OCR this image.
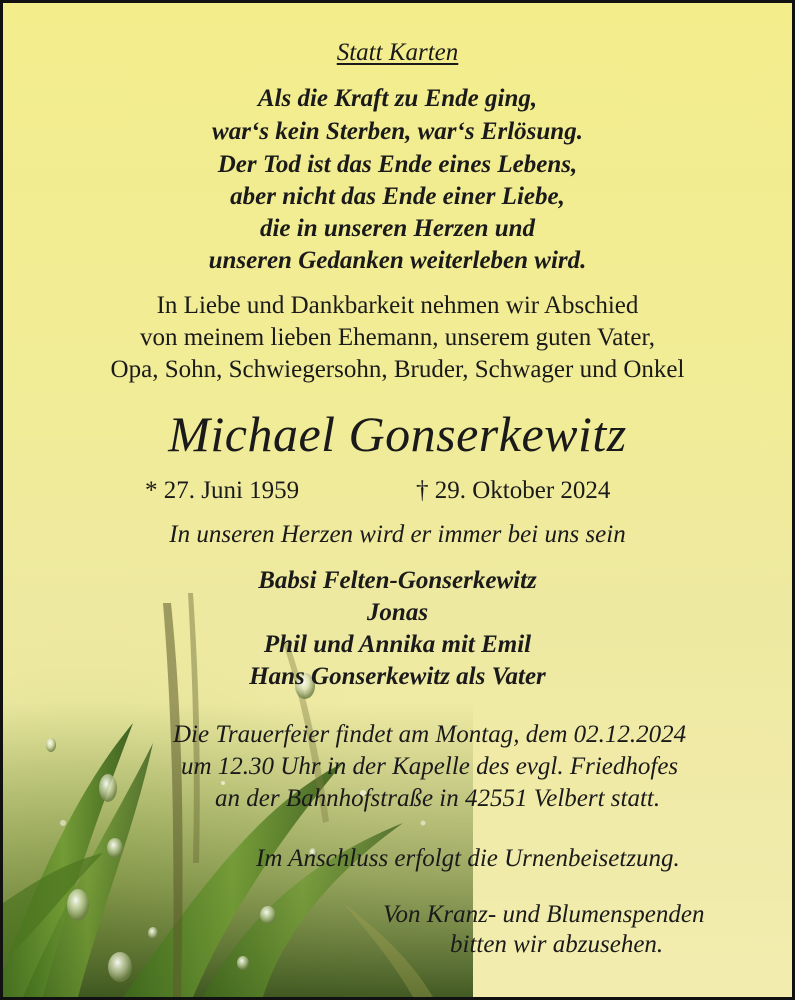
Statt Karten
Als die Kraft zu Ende ging,
war‘s kein Sterben, war‘s Erlösung.
Der Tod ist das Ende eines Lebens,
aber nicht das Ende einer Liebe,
die in unseren Herzen und
unseren Gedanken weiterleben wird.
In Liebe und Dankbarkeit nehmen wir Abschied
von meinem lieben Ehemann, unserem guten Vater,
Opa, Sohn, Schwiegersohn, Bruder, Schwager und Onkel
Michael Gonserkewitz
* 27. Juni 1959	† 29. Oktober 2024
In unseren Herzen wird er immer bei uns sein
Babsi Felten-Gonserkewitz
Jonas
Phil und Annika mit Emil
Hans Gonserkewitz als Vater
Die Trauerfeier findet am Montag, dem 02.12.2024
um 12.30 Uhr in der Kapelle des evgl. Friedhofes
an der Bahnhofstraße in 42551 Velbert statt.
Im Anschluss erfolgt die Urnenbeisetzung.
Von Kranz- und Blumenspenden
bitten wir abzusehen.
